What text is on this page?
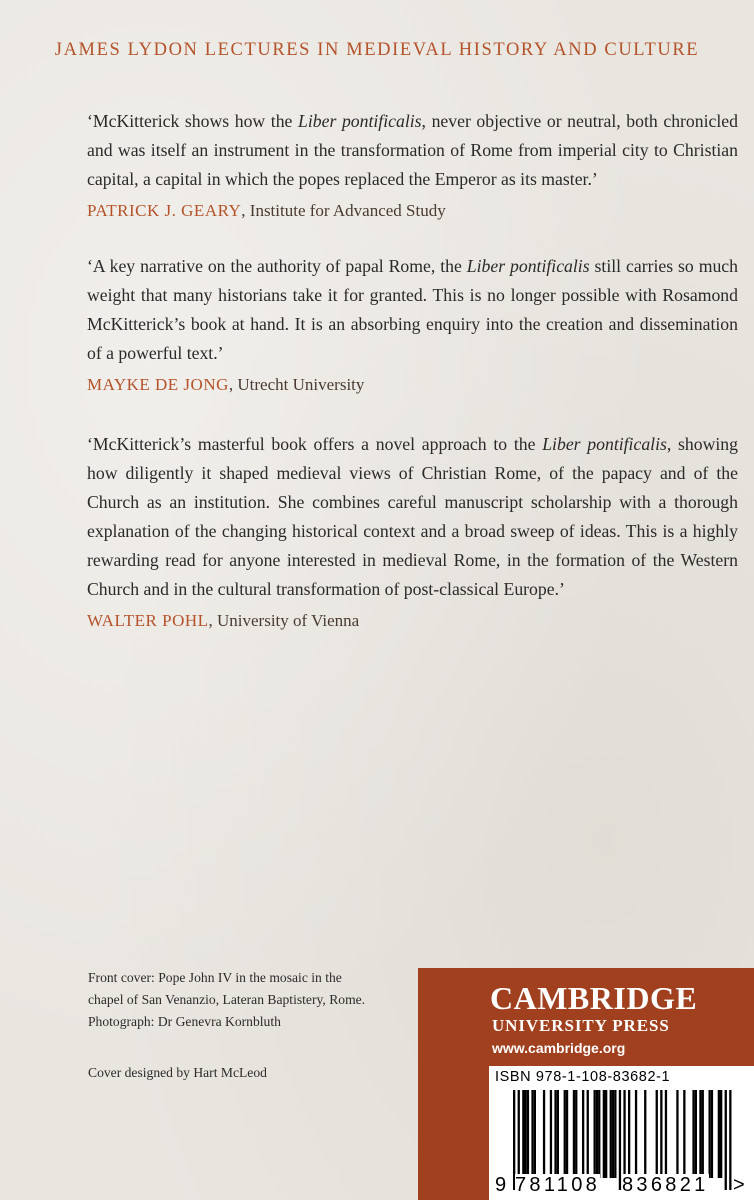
JAMES LYDON LECTURES IN MEDIEVAL HISTORY AND CULTURE

‘McKitterick shows how the Liber pontificalis, never objective or neutral, both chronicled and was itself an instrument in the transformation of Rome from imperial city to Christian capital, a capital in which the popes replaced the Emperor as its master.’

PATRICK J. GEARY, Institute for Advanced Study

‘A key narrative on the authority of papal Rome, the Liber pontificalis still carries so much weight that many historians take it for granted. This is no longer possible with Rosamond McKitterick’s book at hand. It is an absorbing enquiry into the creation and dissemination of a powerful text.’

MAYKE DE JONG, Utrecht University

‘McKitterick’s masterful book offers a novel approach to the Liber pontificalis, showing how diligently it shaped medieval views of Christian Rome, of the papacy and of the Church as an institution. She combines careful manuscript scholarship with a thorough explanation of the changing historical context and a broad sweep of ideas. This is a highly rewarding read for anyone interested in medieval Rome, in the formation of the Western Church and in the cultural transformation of post-classical Europe.’

WALTER POHL, University of Vienna

Front cover: Pope John IV in the mosaic in the
chapel of San Venanzio, Lateran Baptistery, Rome.
Photograph: Dr Genevra Kornbluth
Cover designed by Hart McLeod
CAMBRIDGE
UNIVERSITY PRESS
www.cambridge.org
ISBN 978-1-108-83682-1
9 781108 836821 >
